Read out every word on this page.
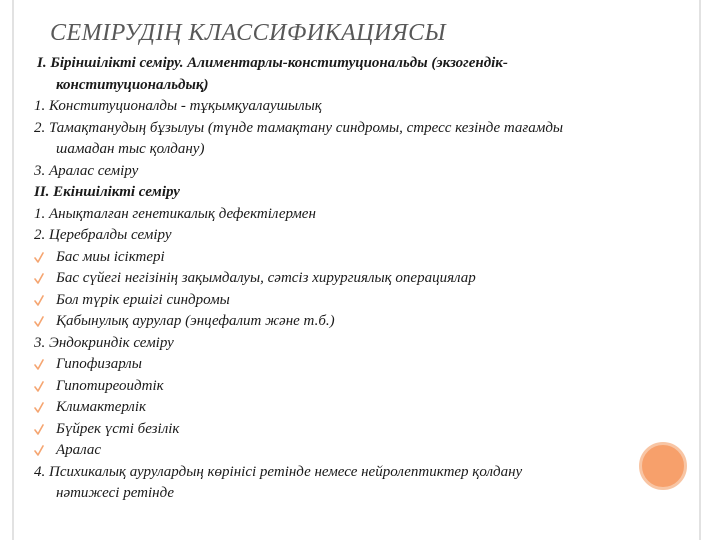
СЕМІРУДІҢ КЛАССИФИКАЦИЯСЫ
І. Біріншілікті семіру. Алиментарлы-конституциональды (экзогендік-
конституциональдық)
1. Конституционалды - тұқымқуалаушылық
2. Тамақтанудың бұзылуы (түнде тамақтану синдромы, стресс кезінде тағамды
шамадан тыс қолдану)
3. Аралас семіру
ІІ. Екіншілікті семіру
1. Анықталған генетикалық дефектілермен
2. Церебралды семіру
Бас миы ісіктері
Бас сүйегі негізінің зақымдалуы, сәтсіз хирургиялық операциялар
Бол түрік ершігі синдромы
Қабынулық аурулар (энцефалит және т.б.)
3. Эндокриндік семіру
Гипофизарлы
Гипотиреоидтік
Климактерлік
Бүйрек үсті безілік
Аралас
4. Психикалық аурулардың көрінісі ретінде немесе нейролептиктер қолдану
нәтижесі ретінде
